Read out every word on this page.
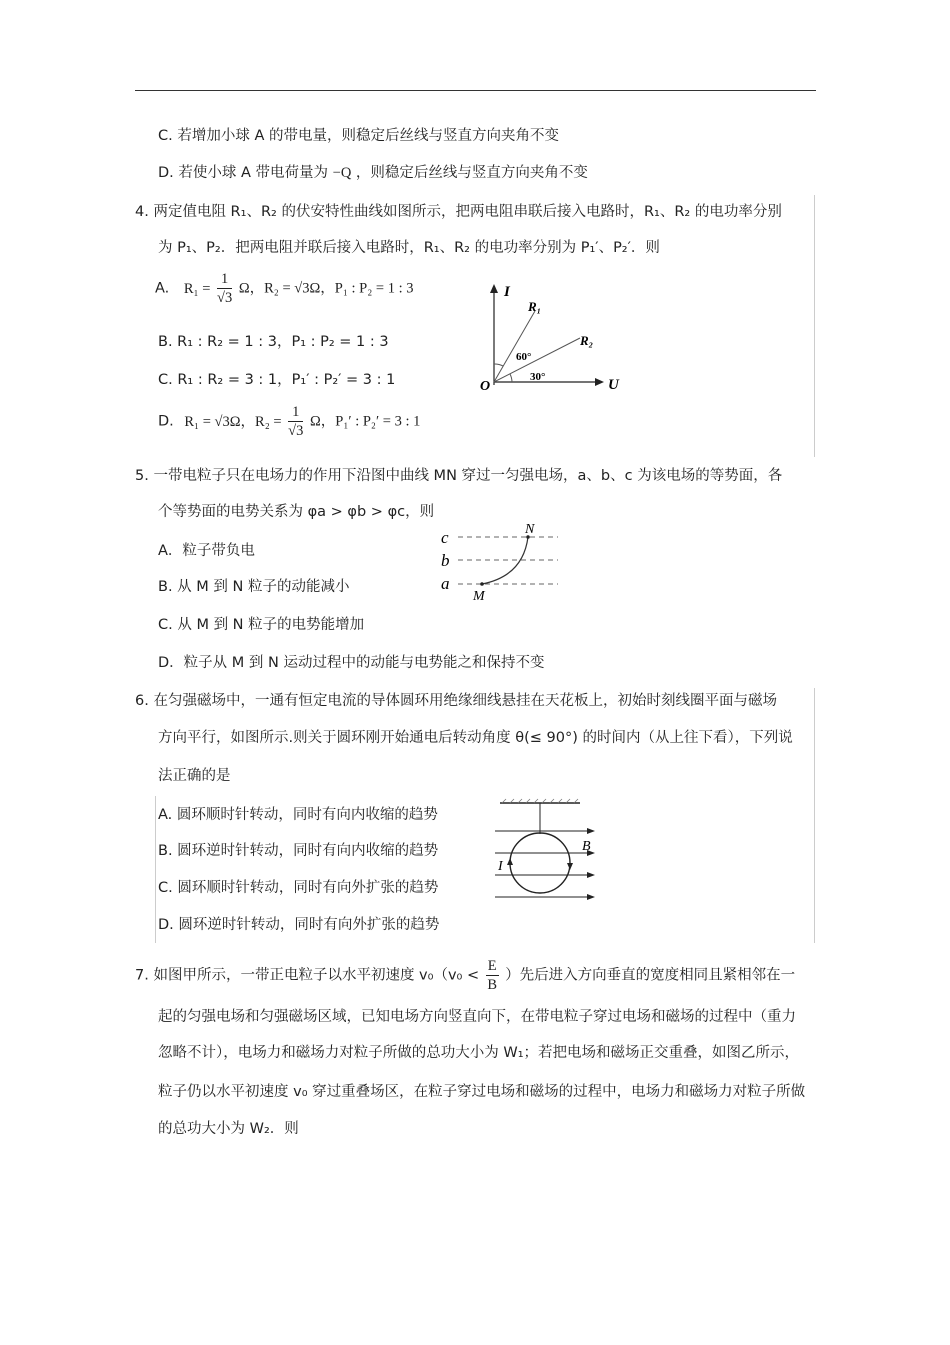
C. 若增加小球 A 的带电量，则稳定后丝线与竖直方向夹角不变
D. 若使小球 A 带电荷量为 −Q ，则稳定后丝线与竖直方向夹角不变
4. 两定值电阻 R₁、R₂ 的伏安特性曲线如图所示，把两电阻串联后接入电路时，R₁、R₂ 的电功率分别
为 P₁、P₂．把两电阻并联后接入电路时，R₁、R₂ 的电功率分别为 P₁′、P₂′．则
A. $R_1 = \frac{1}{√3}$ Ω，R₂ = √3Ω，P₁ : P₂ = 1 : 3
B. R₁ : R₂ = 1 : 3，P₁ : P₂ = 1 : 3
C. R₁ : R₂ = 3 : 1，P₁′ : P₂′ = 3 : 1
D. R₁ = √3Ω，$R_2 = \frac{1}{√3}$ Ω，P₁′ : P₂′ = 3 : 1
I
U
O
R₁
R₂
60°
30°
5. 一带电粒子只在电场力的作用下沿图中曲线 MN 穿过一匀强电场，a、b、c 为该电场的等势面，各
个等势面的电势关系为 φa > φb > φc，则
A．粒子带负电
B. 从 M 到 N 粒子的动能减小
C. 从 M 到 N 粒子的电势能增加
D．粒子从 M 到 N 运动过程中的动能与电势能之和保持不变
c
b
a
N
M
6. 在匀强磁场中，一通有恒定电流的导体圆环用绝缘细线悬挂在天花板上，初始时刻线圈平面与磁场
方向平行，如图所示.则关于圆环刚开始通电后转动角度 θ(≤ 90°) 的时间内（从上往下看），下列说
法正确的是
A. 圆环顺时针转动，同时有向内收缩的趋势
B. 圆环逆时针转动，同时有向内收缩的趋势
C. 圆环顺时针转动，同时有向外扩张的趋势
D. 圆环逆时针转动，同时有向外扩张的趋势
I
B
7. 如图甲所示，一带正电粒子以水平初速度 $v_0(v_0 < \frac{E}{B}$ ）先后进入方向垂直的宽度相同且紧相邻在一
起的匀强电场和匀强磁场区域，已知电场方向竖直向下，在带电粒子穿过电场和磁场的过程中（重力
忽略不计），电场力和磁场力对粒子所做的总功大小为 W₁；若把电场和磁场正交重叠，如图乙所示，
粒子仍以水平初速度 v₀ 穿过重叠场区，在粒子穿过电场和磁场的过程中，电场力和磁场力对粒子所做
的总功大小为 W₂．则
